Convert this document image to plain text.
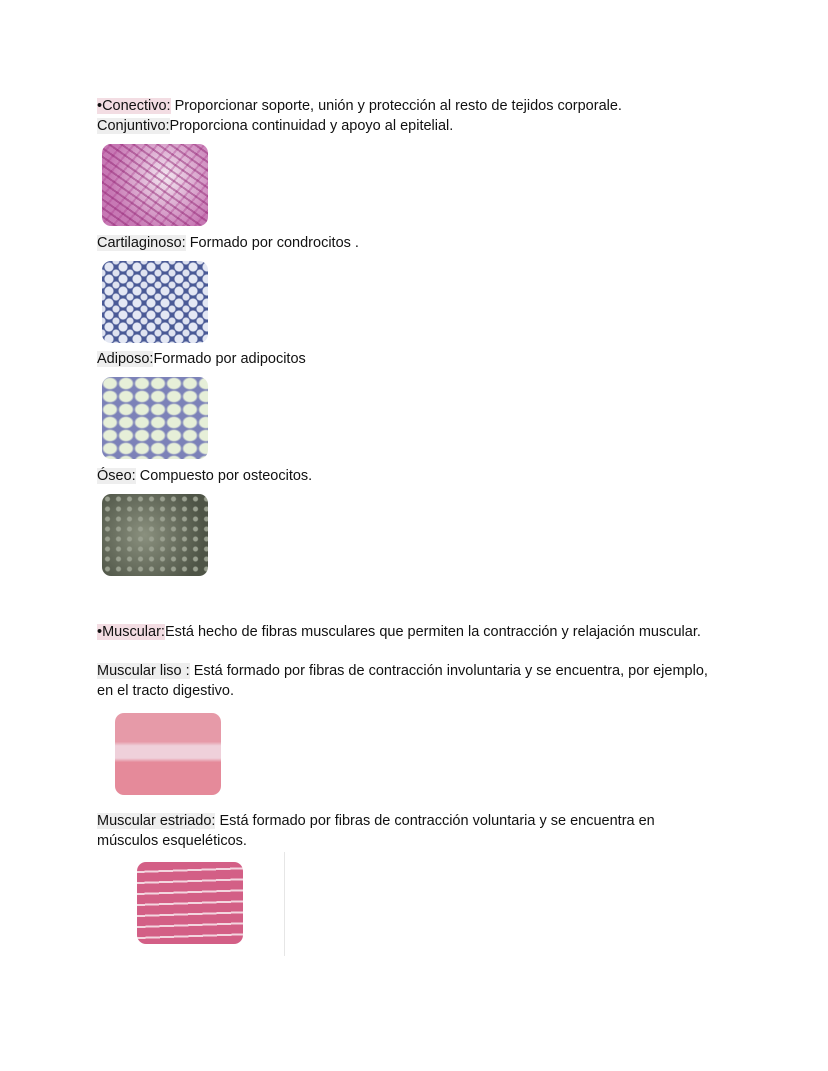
•Conectivo: Proporcionar soporte, unión y protección al resto de tejidos corporale.
Conjuntivo:Proporciona continuidad y apoyo al epitelial.
Cartilaginoso: Formado por condrocitos .
Adiposo:Formado por adipocitos
Óseo: Compuesto por osteocitos.
•Muscular:Está hecho de fibras musculares que permiten la contracción y relajación muscular.
Muscular liso : Está formado por fibras de contracción involuntaria y se encuentra, por ejemplo,
en el tracto digestivo.
Muscular estriado: Está formado por fibras de contracción voluntaria y se encuentra en
músculos esqueléticos.
